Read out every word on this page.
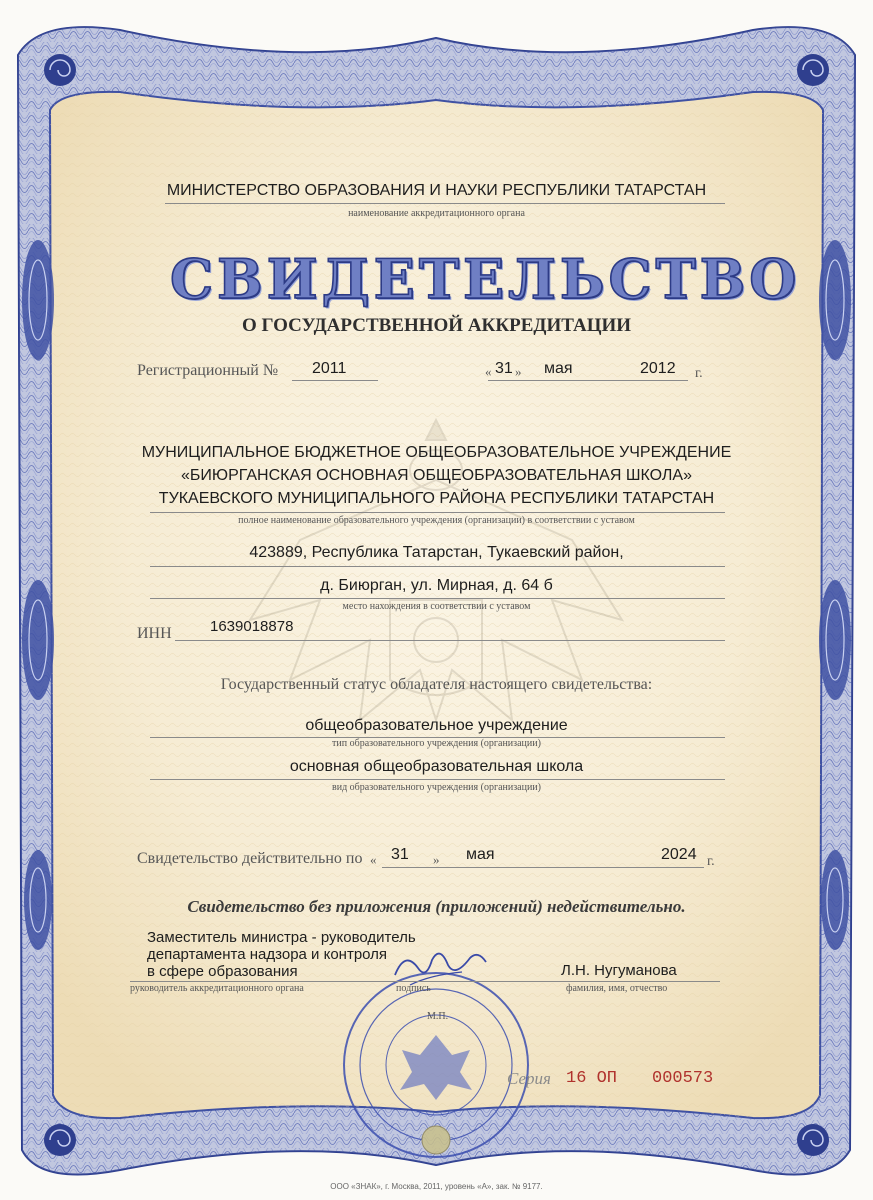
МИНИСТЕРСТВО ОБРАЗОВАНИЯ И НАУКИ РЕСПУБЛИКИ ТАТАРСТАН
наименование аккредитационного органа
СВИДЕТЕЛЬСТВО
О ГОСУДАРСТВЕННОЙ АККРЕДИТАЦИИ
Регистрационный № 2011	« 31 » мая	2012 г.
МУНИЦИПАЛЬНОЕ БЮДЖЕТНОЕ ОБЩЕОБРАЗОВАТЕЛЬНОЕ УЧРЕЖДЕНИЕ
«БИЮРГАНСКАЯ ОСНОВНАЯ ОБЩЕОБРАЗОВАТЕЛЬНАЯ ШКОЛА»
ТУКАЕВСКОГО МУНИЦИПАЛЬНОГО РАЙОНА РЕСПУБЛИКИ ТАТАРСТАН
полное наименование образовательного учреждения (организации) в соответствии с уставом
423889, Республика Татарстан, Тукаевский район,
д. Биюрган, ул. Мирная, д. 64 б
место нахождения в соответствии с уставом
ИНН	1639018878
Государственный статус обладателя настоящего свидетельства:
общеобразовательное учреждение
тип образовательного учреждения (организации)
основная общеобразовательная школа
вид образовательного учреждения (организации)
Свидетельство действительно по « 31 » мая	2024 г.
Свидетельство без приложения (приложений) недействительно.
Заместитель министра - руководитель
департамента надзора и контроля
в сфере образования
руководитель аккредитационного органа	подпись
Л.Н. Нугуманова
фамилия, имя, отчество
М.П.
Серия 16 ОП 000573
ООО «ЗНАК», г. Москва, 2011, уровень «А», зак. № 9177.
